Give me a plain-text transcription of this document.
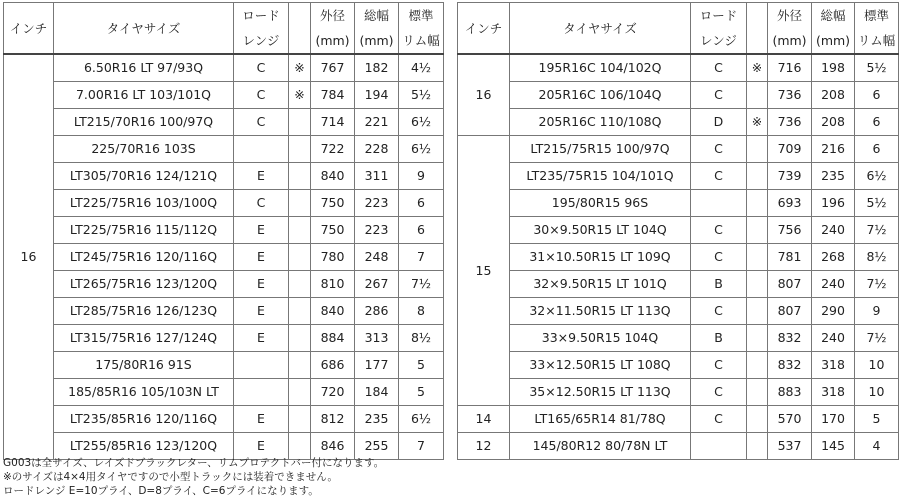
インチ	タイヤサイズ	ロード		外径	総幅	標準
		レンジ		(mm)	(mm)	リム幅
16	6.50R16 LT 97/93Q	C	※	767	182	4½
	7.00R16 LT 103/101Q	C	※	784	194	5½
	LT215/70R16 100/97Q	C		714	221	6½
	225/70R16 103S			722	228	6½
	LT305/70R16 124/121Q	E		840	311	9
	LT225/75R16 103/100Q	C		750	223	6
	LT225/75R16 115/112Q	E		750	223	6
	LT245/75R16 120/116Q	E		780	248	7
	LT265/75R16 123/120Q	E		810	267	7½
	LT285/75R16 126/123Q	E		840	286	8
	LT315/75R16 127/124Q	E		884	313	8½
	175/80R16 91S			686	177	5
	185/85R16 105/103N LT			720	184	5
	LT235/85R16 120/116Q	E		812	235	6½
	LT255/85R16 123/120Q	E		846	255	7
インチ	タイヤサイズ	ロード		外径	総幅	標準
		レンジ		(mm)	(mm)	リム幅
16	195R16C 104/102Q	C	※	716	198	5½
	205R16C 106/104Q	C		736	208	6
	205R16C 110/108Q	D	※	736	208	6
15	LT215/75R15 100/97Q	C		709	216	6
	LT235/75R15 104/101Q	C		739	235	6½
	195/80R15 96S			693	196	5½
	30×9.50R15 LT 104Q	C		756	240	7½
	31×10.50R15 LT 109Q	C		781	268	8½
	32×9.50R15 LT 101Q	B		807	240	7½
	32×11.50R15 LT 113Q	C		807	290	9
	33×9.50R15 104Q	B		832	240	7½
	33×12.50R15 LT 108Q	C		832	318	10
	35×12.50R15 LT 113Q	C		883	318	10
14	LT165/65R14 81/78Q	C		570	170	5
12	145/80R12 80/78N LT			537	145	4
G003は全サイズ、レイズドブラックレター、リムプロテクトバー付になります。
※のサイズは4×4用タイヤですので小型トラックには装着できません。
ロードレンジ E=10プライ、D=8プライ、C=6プライになります。
